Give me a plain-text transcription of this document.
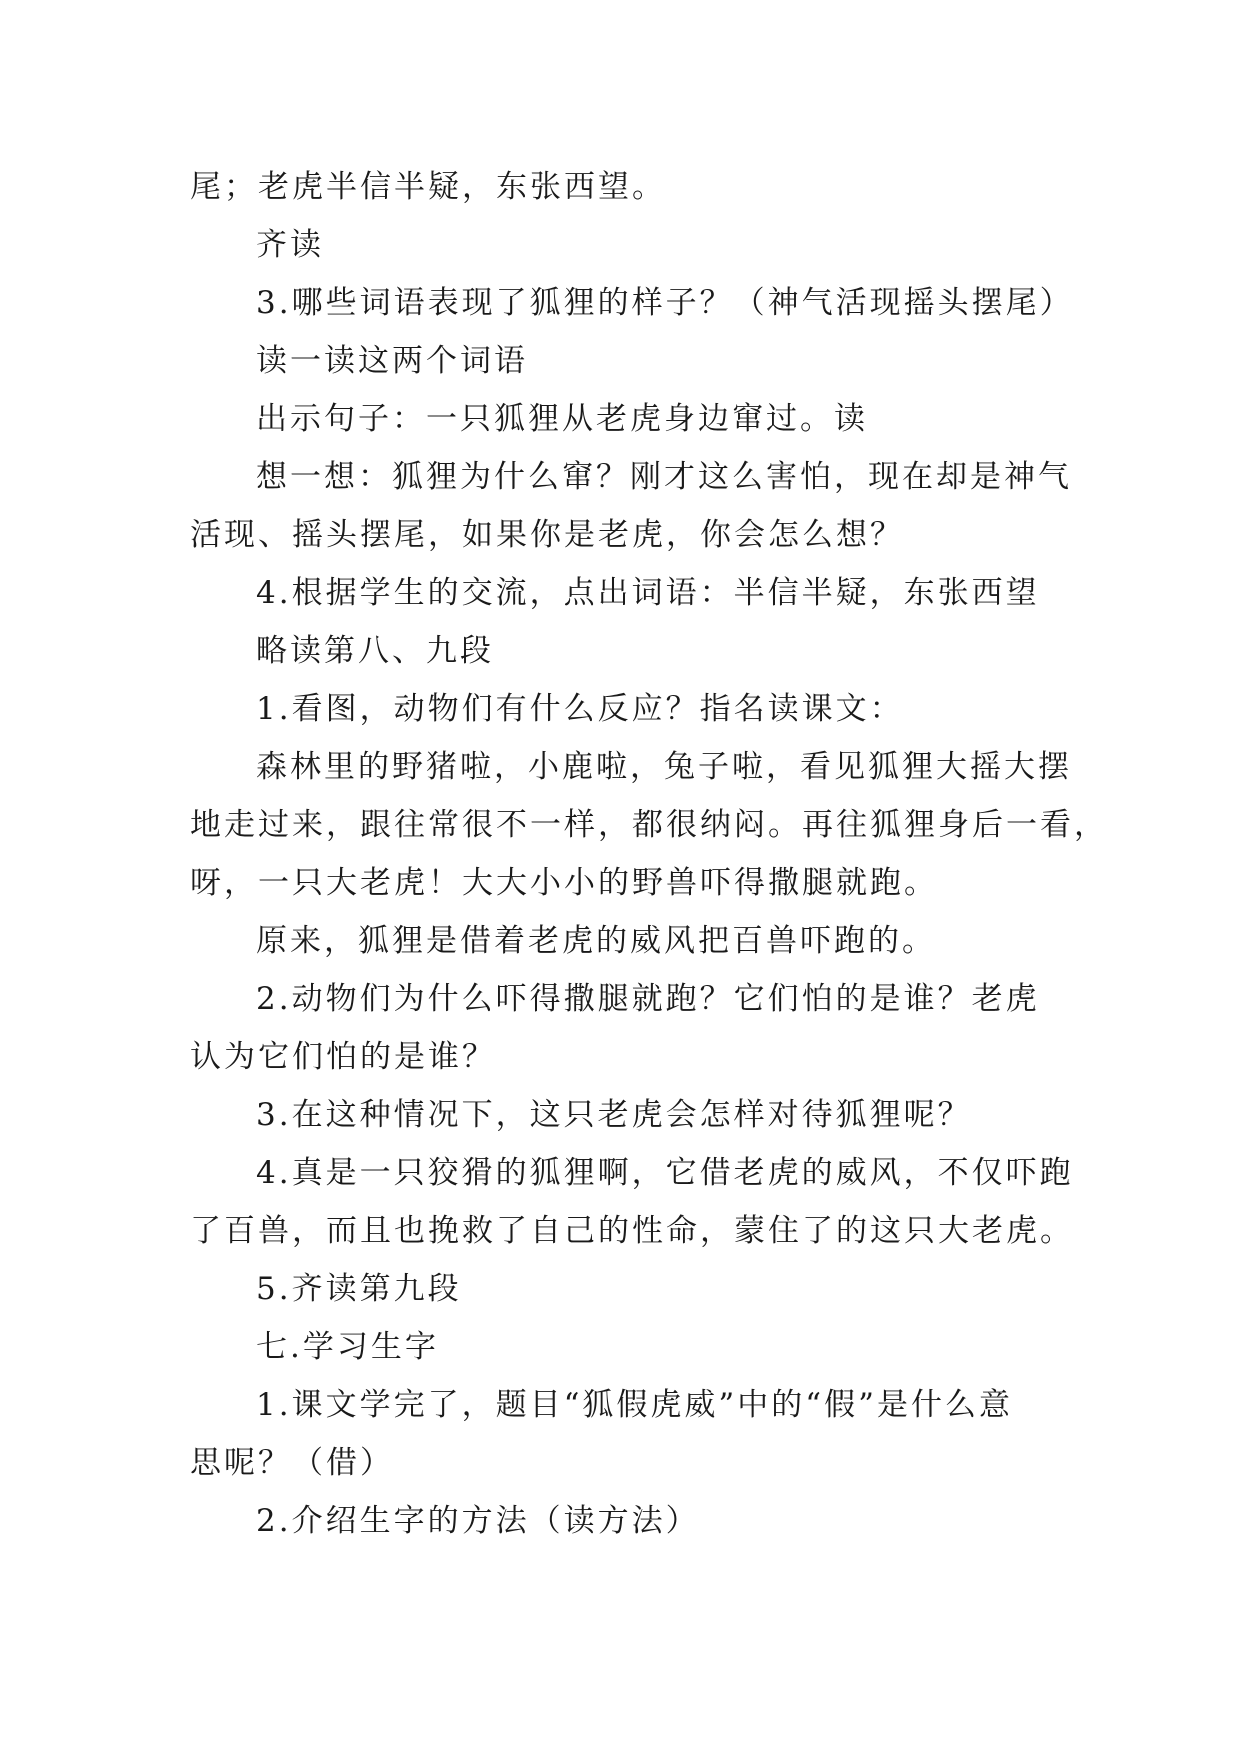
尾；老虎半信半疑，东张西望。
齐读
3.哪些词语表现了狐狸的样子？（神气活现摇头摆尾）
读一读这两个词语
出示句子：一只狐狸从老虎身边窜过。读
想一想：狐狸为什么窜？刚才这么害怕，现在却是神气
活现、摇头摆尾，如果你是老虎，你会怎么想？
4.根据学生的交流，点出词语：半信半疑，东张西望
略读第八、九段
1.看图，动物们有什么反应？指名读课文：
森林里的野猪啦，小鹿啦，兔子啦，看见狐狸大摇大摆
地走过来，跟往常很不一样，都很纳闷。再往狐狸身后一看，
呀，一只大老虎！大大小小的野兽吓得撒腿就跑。
原来，狐狸是借着老虎的威风把百兽吓跑的。
2.动物们为什么吓得撒腿就跑？它们怕的是谁？老虎
认为它们怕的是谁？
3.在这种情况下，这只老虎会怎样对待狐狸呢？
4.真是一只狡猾的狐狸啊，它借老虎的威风，不仅吓跑
了百兽，而且也挽救了自己的性命，蒙住了的这只大老虎。
5.齐读第九段
七.学习生字
1.课文学完了，题目“狐假虎威”中的“假”是什么意
思呢？（借）
2.介绍生字的方法（读方法）
